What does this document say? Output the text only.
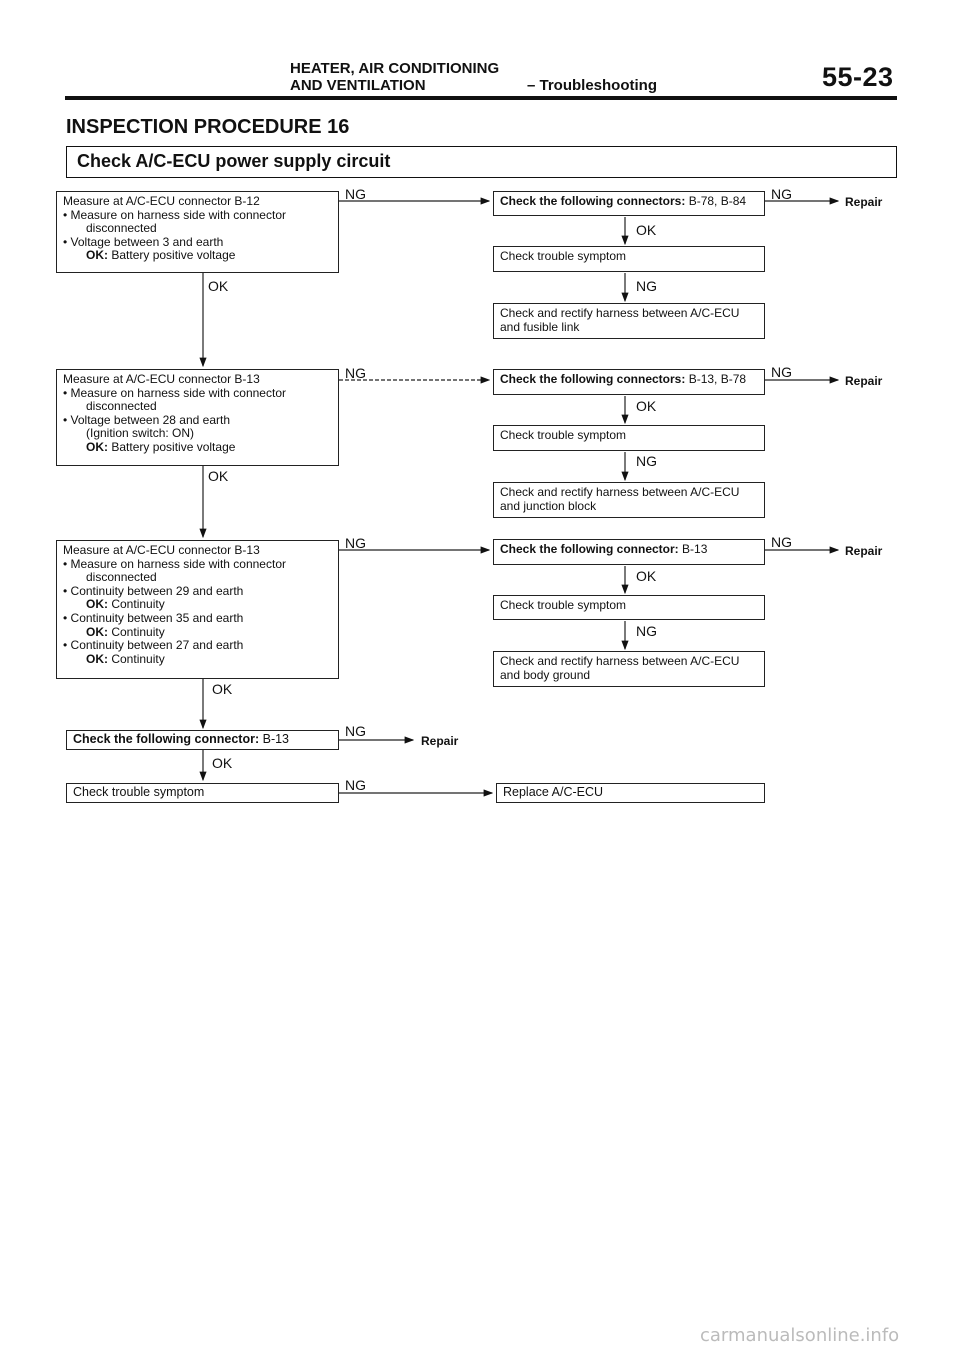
HEATER, AIR CONDITIONING
AND VENTILATION	– Troubleshooting	55-23
INSPECTION PROCEDURE 16
Check A/C-ECU power supply circuit
Measure at A/C-ECU connector B-12
• Measure on harness side with connector
disconnected
• Voltage between 3 and earth
OK: Battery positive voltage
NG
OK
Check the following connectors: B-78, B-84	NG	Repair
OK
Check trouble symptom
NG
Check and rectify harness between A/C-ECU
and fusible link
Measure at A/C-ECU connector B-13
• Measure on harness side with connector
disconnected
• Voltage between 28 and earth
(Ignition switch: ON)
OK: Battery positive voltage
NG
OK
Check the following connectors: B-13, B-78	NG
Repair
OK
Check trouble symptom
NG
Check and rectify harness between A/C-ECU
and junction block
Measure at A/C-ECU connector B-13
• Measure on harness side with connector
disconnected
• Continuity between 29 and earth
OK: Continuity
• Continuity between 35 and earth
OK: Continuity
• Continuity between 27 and earth
OK: Continuity
NG
OK
Check the following connector: B-13	NG
Repair
OK
Check trouble symptom
NG
Check and rectify harness between A/C-ECU
and body ground
Check the following connector: B-13	NG
Repair
OK
Check trouble symptom	NG	Replace A/C-ECU
carmanualsonline.info
